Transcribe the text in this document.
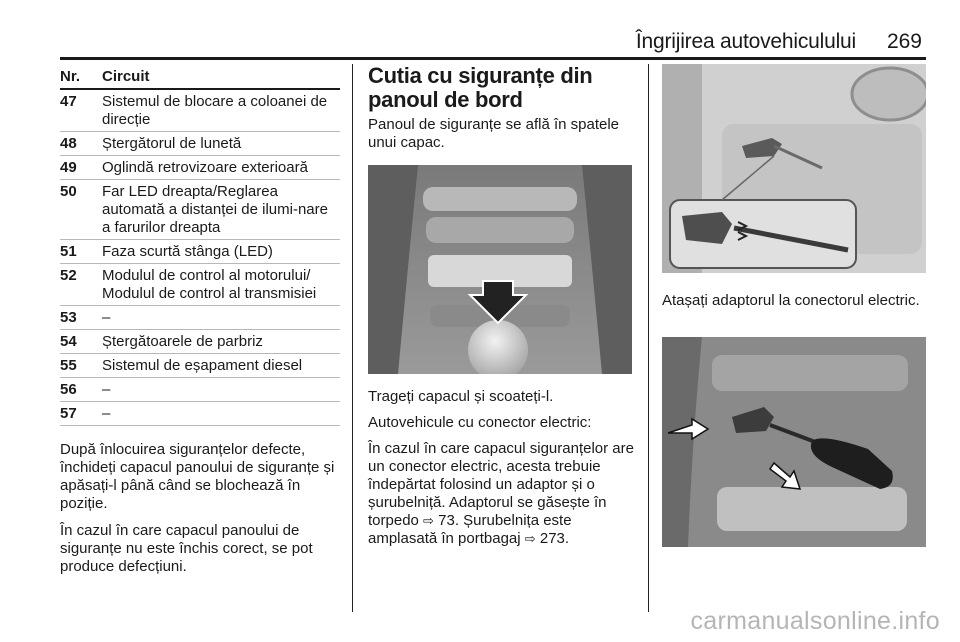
Îngrijirea autovehiculului 269
Nr.	Circuit
47	Sistemul de blocare a coloanei de direcție
48	Ștergătorul de lunetă
49	Oglindă retrovizoare exterioară
50	Far LED dreapta/Reglarea automată a distanței de ilumi-nare a farurilor dreapta
51	Faza scurtă stânga (LED)
52	Modulul de control al motorului/ Modulul de control al transmisiei
53	–
54	Ștergătoarele de parbriz
55	Sistemul de eșapament diesel
56	–
57	–

După înlocuirea siguranțelor defecte, închideți capacul panoului de siguranțe și apăsați-l până când se blochează în poziție.

În cazul în care capacul panoului de siguranțe nu este închis corect, se pot produce defecțiuni.

Cutia cu siguranțe din panoul de bord

Panoul de siguranțe se află în spatele unui capac.

Trageți capacul și scoateți-l.

Autovehicule cu conector electric:

În cazul în care capacul siguranțelor are un conector electric, acesta trebuie îndepărtat folosind un adaptor și o șurubelniță. Adaptorul se găsește în torpedo ⇨ 73. Șurubelnița este amplasată în portbagaj ⇨ 273.

Atașați adaptorul la conectorul electric.

carmanualsonline.info
